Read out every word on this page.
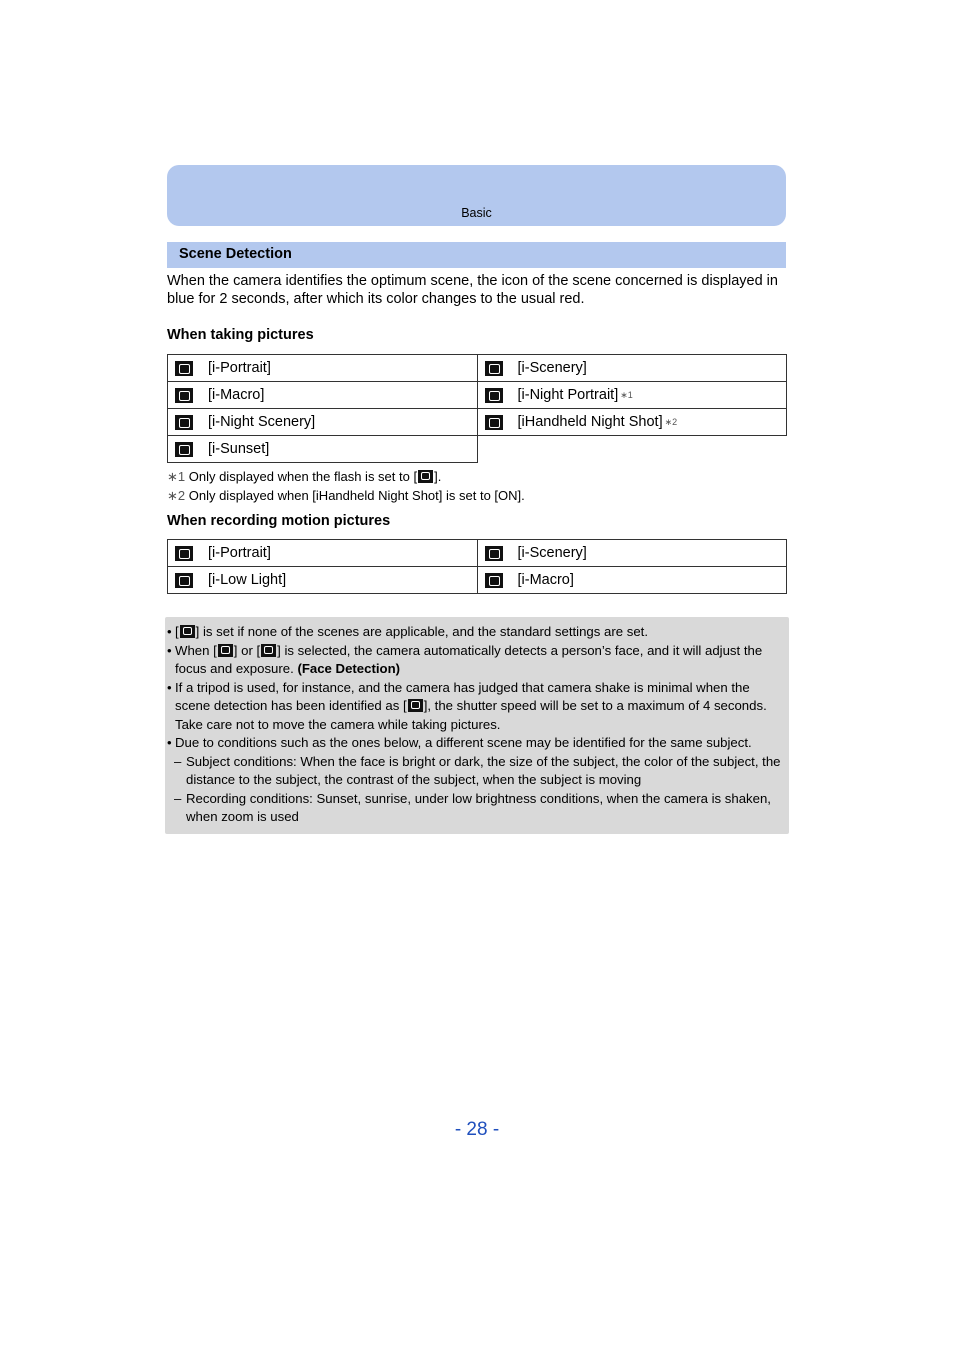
Basic
Scene Detection
When the camera identifies the optimum scene, the icon of the scene concerned is displayed in blue for 2 seconds, after which its color changes to the usual red.
When taking pictures
[i-Portrait]	[i-Scenery]

[i-Macro]	[i-Night Portrait] ∗1

[i-Night Scenery]	[iHandheld Night Shot] ∗2

[i-Sunset]	

∗1 Only displayed when the flash is set to [ ].
∗2 Only displayed when [iHandheld Night Shot] is set to [ON].
When recording motion pictures
[i-Portrait]	[i-Scenery]

[i-Low Light]	[i-Macro]
• [ ] is set if none of the scenes are applicable, and the standard settings are set.
• When [ ] or [ ] is selected, the camera automatically detects a person’s face, and it will adjust the focus and exposure. (Face Detection)
• If a tripod is used, for instance, and the camera has judged that camera shake is minimal when the scene detection has been identified as [ ], the shutter speed will be set to a maximum of 4 seconds. Take care not to move the camera while taking pictures.
• Due to conditions such as the ones below, a different scene may be identified for the same subject.
– Subject conditions: When the face is bright or dark, the size of the subject, the color of the subject, the distance to the subject, the contrast of the subject, when the subject is moving
– Recording conditions: Sunset, sunrise, under low brightness conditions, when the camera is shaken, when zoom is used
- 28 -
